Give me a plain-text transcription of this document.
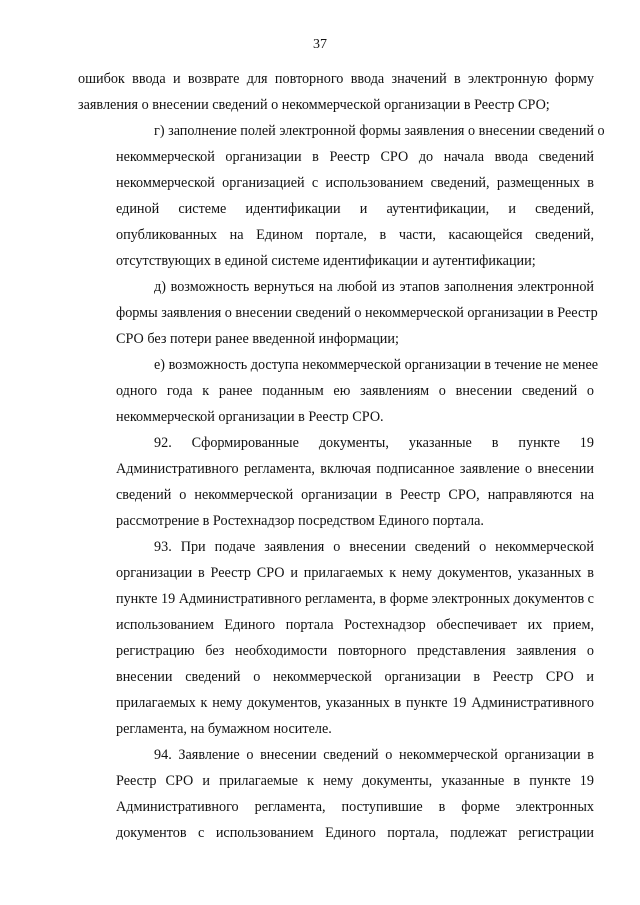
37
ошибок ввода и возврате для повторного ввода значений в электронную форму
заявления о внесении сведений о некоммерческой организации в Реестр СРО;
г) заполнение полей электронной формы заявления о внесении сведений о
некоммерческой организации в Реестр СРО до начала ввода сведений
некоммерческой организацией с использованием сведений, размещенных в
единой системе идентификации и аутентификации, и сведений,
опубликованных на Едином портале, в части, касающейся сведений,
отсутствующих в единой системе идентификации и аутентификации;
д) возможность вернуться на любой из этапов заполнения электронной
формы заявления о внесении сведений о некоммерческой организации в Реестр
СРО без потери ранее введенной информации;
е) возможность доступа некоммерческой организации в течение не менее
одного года к ранее поданным ею заявлениям о внесении сведений о
некоммерческой организации в Реестр СРО.
92. Сформированные документы, указанные в пункте 19
Административного регламента, включая подписанное заявление о внесении
сведений о некоммерческой организации в Реестр СРО, направляются на
рассмотрение в Ростехнадзор посредством Единого портала.
93. При подаче заявления о внесении сведений о некоммерческой
организации в Реестр СРО и прилагаемых к нему документов, указанных в
пункте 19 Административного регламента, в форме электронных документов с
использованием Единого портала Ростехнадзор обеспечивает их прием,
регистрацию без необходимости повторного представления заявления о
внесении сведений о некоммерческой организации в Реестр СРО и
прилагаемых к нему документов, указанных в пункте 19 Административного
регламента, на бумажном носителе.
94. Заявление о внесении сведений о некоммерческой организации в
Реестр СРО и прилагаемые к нему документы, указанные в пункте 19
Административного регламента, поступившие в форме электронных
документов с использованием Единого портала, подлежат регистрации
